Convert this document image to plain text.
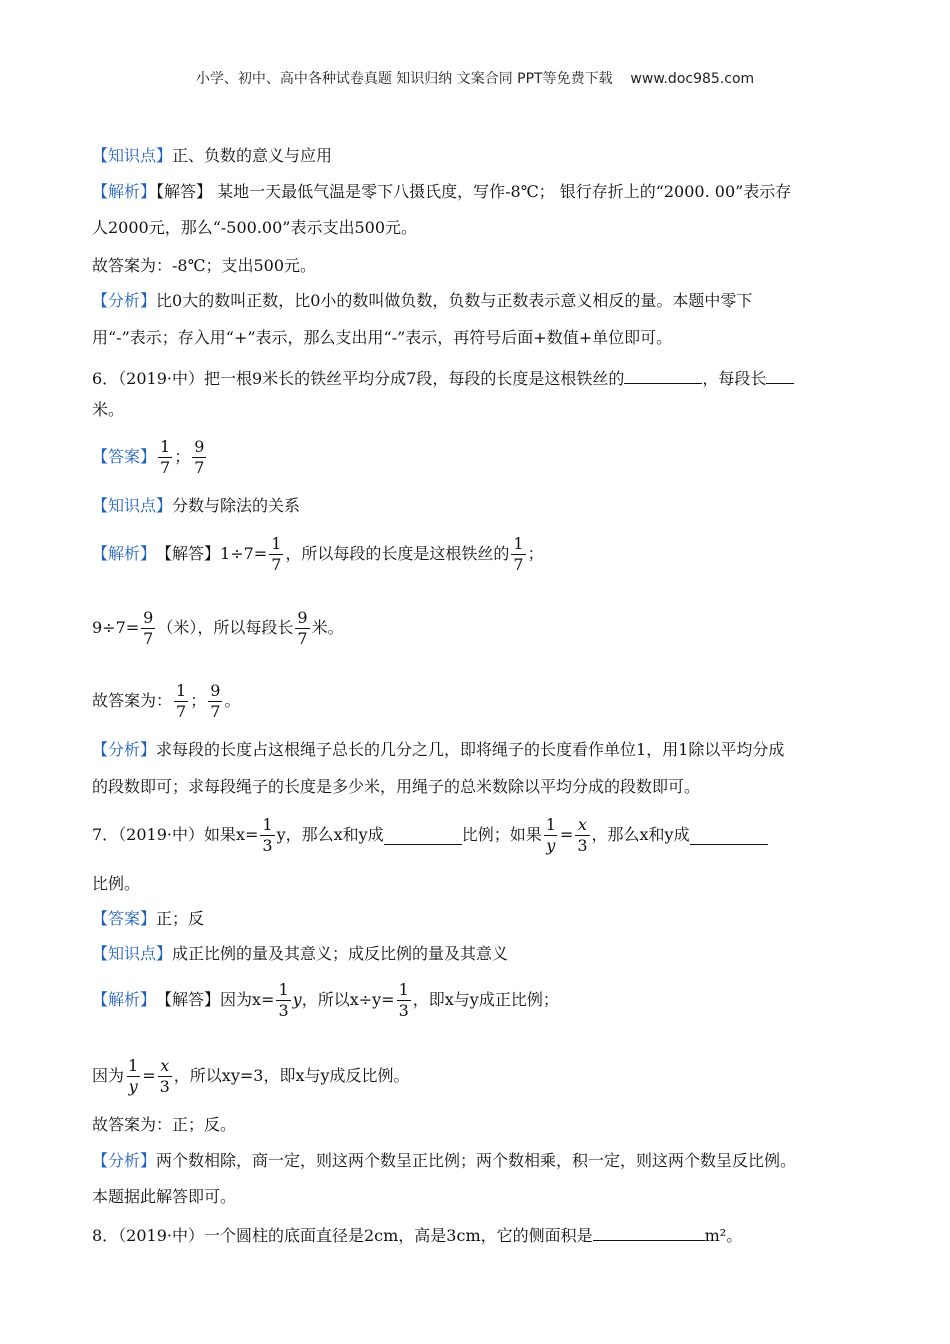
小学、初中、高中各种试卷真题 知识归纳 文案合同 PPT等免费下载    www.doc985.com
【知识点】正、负数的意义与应用
【解析】【解答】 某地一天最低气温是零下八摄氏度，写作-8℃； 银行存折上的“2000. 00”表示存
人2000元，那么“-500.00”表示支出500元。
故答案为：-8℃；支出500元。
【分析】比0大的数叫正数，比0小的数叫做负数，负数与正数表示意义相反的量。本题中零下
用“-”表示；存入用“+”表示，那么支出用“-”表示，再符号后面+数值+单位即可。
6．（2019·中）把一根9米长的铁丝平均分成7段，每段的长度是这根铁丝的	，每段长
米。
【答案】 $\frac{1}{7}$ ； $\frac{9}{7}$
【知识点】分数与除法的关系
【解析】 【解答】 $1\div 7= \frac{1}{7}$ ，所以每段的长度是这根铁丝的 $\frac{1}{7}$ ；
$9\div 7= \frac{9}{7}$ （米），所以每段长 $\frac{9}{7}$ 米。
故答案为： $\frac{1}{7}$ ； $\frac{9}{7}$ 。
【分析】求每段的长度占这根绳子总长的几分之几，即将绳子的长度看作单位1，用1除以平均分成
的段数即可；求每段绳子的长度是多少米，用绳子的总米数除以平均分成的段数即可。
7．（2019·中）如果$x= \frac{1}{3}$ y，那么x和y成	比例；如果 $\frac{1}{y} = \frac{x}{3}$ ，那么x和y成
比例。
【答案】正；反
【知识点】成正比例的量及其意义；成反比例的量及其意义
【解析】 【解答】 因为$x= \frac{1}{3}$ y ，所以$x\div y= \frac{1}{3}$ ，即x与y成正比例；
因为 $\frac{1}{y} = \frac{x}{3}$ ，所以xy=3，即x与y成反比例。
故答案为：正；反。
【分析】两个数相除，商一定，则这两个数呈正比例；两个数相乘，积一定，则这两个数呈反比例。
本题据此解答即可。
8．（2019·中）一个圆柱的底面直径是2cm，高是3cm，它的侧面积是	m²。
